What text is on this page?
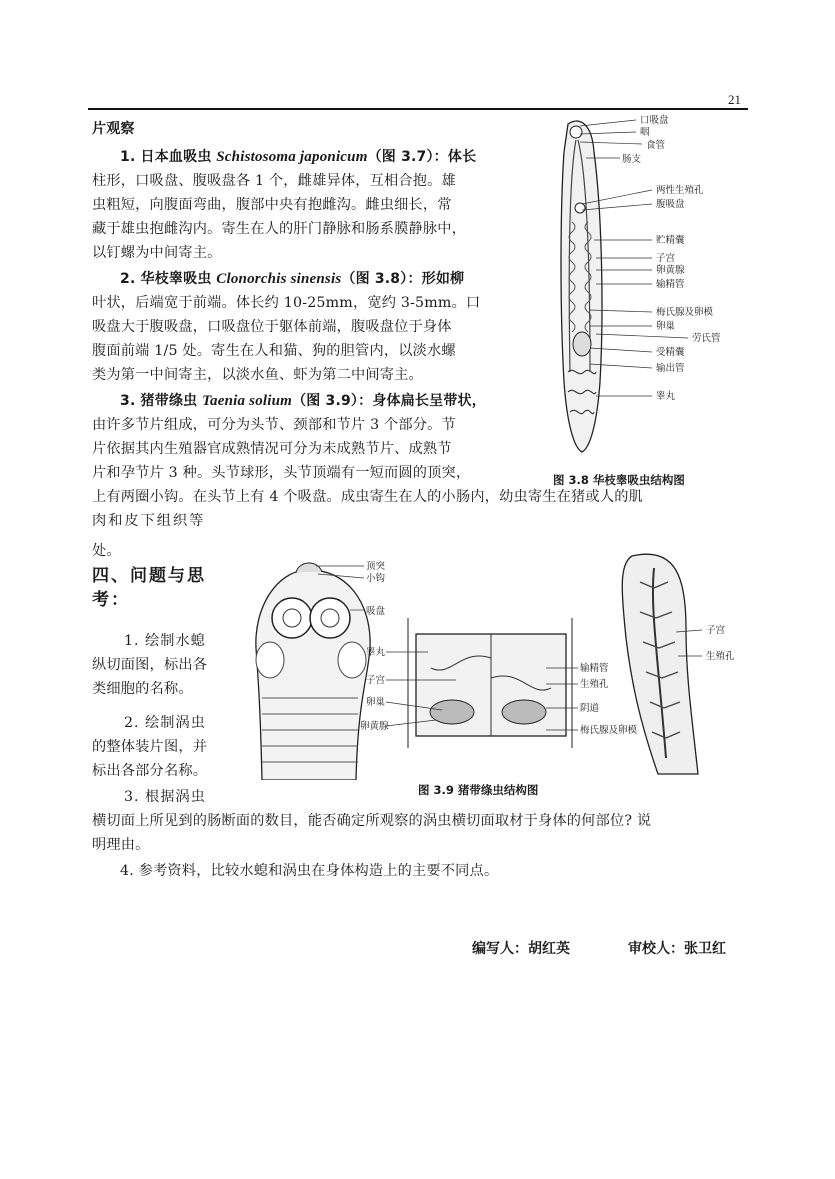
21
片观察
1. 日本血吸虫 Schistosoma japonicum（图 3.7）：体长
柱形，口吸盘、腹吸盘各 1 个，雌雄异体，互相合抱。雄
虫粗短，向腹面弯曲，腹部中央有抱雌沟。雌虫细长，常
藏于雄虫抱雌沟内。寄生在人的肝门静脉和肠系膜静脉中，
以钉螺为中间寄主。
2. 华枝睾吸虫 Clonorchis sinensis（图 3.8）：形如柳
叶状，后端宽于前端。体长约 10-25mm，宽约 3-5mm。口
吸盘大于腹吸盘，口吸盘位于躯体前端，腹吸盘位于身体
腹面前端 1/5 处。寄生在人和猫、狗的胆管内，以淡水螺
类为第一中间寄主，以淡水鱼、虾为第二中间寄主。
3. 猪带绦虫 Taenia solium（图 3.9）：身体扁长呈带状，
由许多节片组成，可分为头节、颈部和节片 3 个部分。节
片依据其内生殖器官成熟情况可分为未成熟节片、成熟节
片和孕节片 3 种。头节球形，头节顶端有一短而圆的顶突，
上有两圈小钩。在头节上有 4 个吸盘。成虫寄生在人的小肠内，幼虫寄生在猪或人的肌
肉和皮下组织等
处。
四、问题与思
考：
1. 绘制水螅
纵切面图，标出各
类细胞的名称。
2. 绘制涡虫
的整体装片图，并
标出各部分名称。
3. 根据涡虫
横切面上所见到的肠断面的数目，能否确定所观察的涡虫横切面取材于身体的何部位? 说
明理由。
4. 参考资料，比较水螅和涡虫在身体构造上的主要不同点。
编写人：胡红英	审校人：张卫红
口吸盘
咽
食管
肠支
两性生殖孔
腹吸盘
贮精囊
子宫
卵黄腺
输精管
梅氏腺及卵模
卵巢
劳氏管
受精囊
输出管
睾丸
图 3.8 华枝睾吸虫结构图
顶突
小钩
吸盘
睾丸
子宫
卵巢
卵黄腺
输精管
生殖孔
阴道
梅氏腺及卵模
子宫
生殖孔
图 3.9 猪带绦虫结构图
